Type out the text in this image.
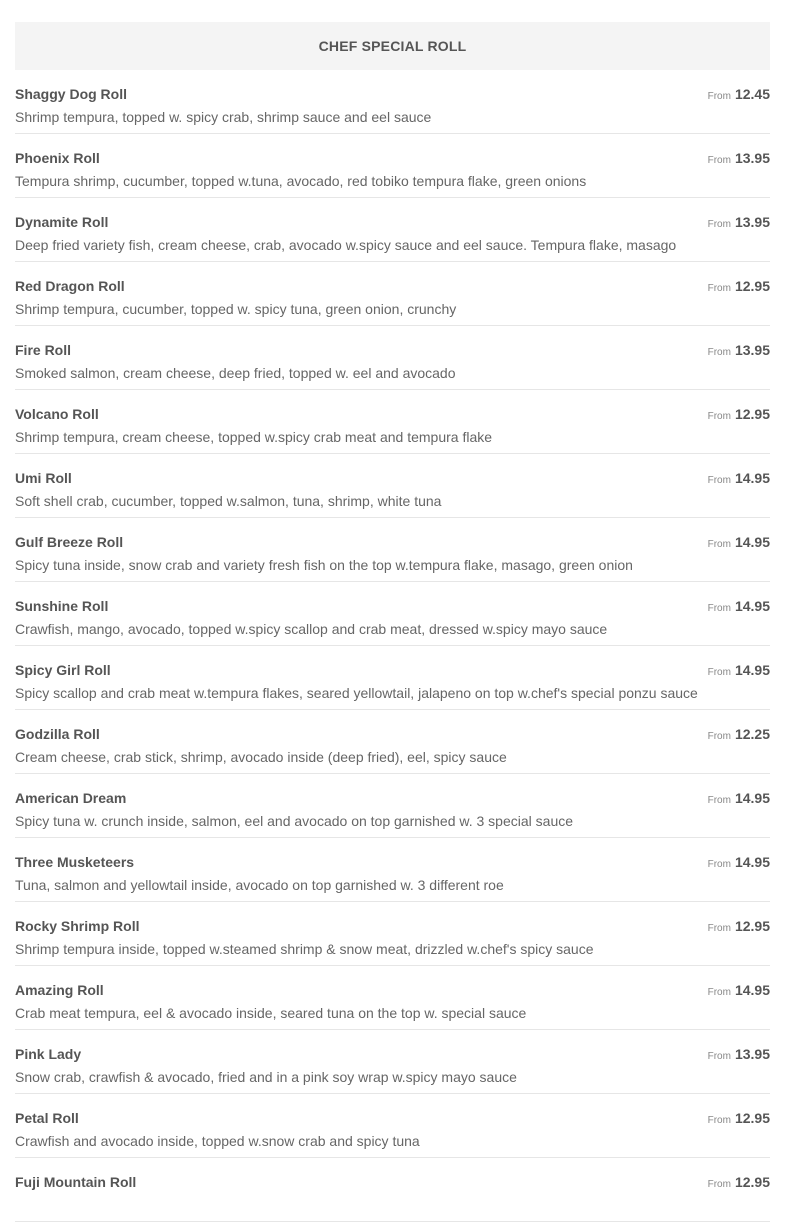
CHEF SPECIAL ROLL
Shaggy Dog Roll
Shrimp tempura, topped w. spicy crab, shrimp sauce and eel sauce
From 12.45
Phoenix Roll
Tempura shrimp, cucumber, topped w.tuna, avocado, red tobiko tempura flake, green onions
From 13.95
Dynamite Roll
Deep fried variety fish, cream cheese, crab, avocado w.spicy sauce and eel sauce. Tempura flake, masago
From 13.95
Red Dragon Roll
Shrimp tempura, cucumber, topped w. spicy tuna, green onion, crunchy
From 12.95
Fire Roll
Smoked salmon, cream cheese, deep fried, topped w. eel and avocado
From 13.95
Volcano Roll
Shrimp tempura, cream cheese, topped w.spicy crab meat and tempura flake
From 12.95
Umi Roll
Soft shell crab, cucumber, topped w.salmon, tuna, shrimp, white tuna
From 14.95
Gulf Breeze Roll
Spicy tuna inside, snow crab and variety fresh fish on the top w.tempura flake, masago, green onion
From 14.95
Sunshine Roll
Crawfish, mango, avocado, topped w.spicy scallop and crab meat, dressed w.spicy mayo sauce
From 14.95
Spicy Girl Roll
Spicy scallop and crab meat w.tempura flakes, seared yellowtail, jalapeno on top w.chef's special ponzu sauce
From 14.95
Godzilla Roll
Cream cheese, crab stick, shrimp, avocado inside (deep fried), eel, spicy sauce
From 12.25
American Dream
Spicy tuna w. crunch inside, salmon, eel and avocado on top garnished w. 3 special sauce
From 14.95
Three Musketeers
Tuna, salmon and yellowtail inside, avocado on top garnished w. 3 different roe
From 14.95
Rocky Shrimp Roll
Shrimp tempura inside, topped w.steamed shrimp & snow meat, drizzled w.chef's spicy sauce
From 12.95
Amazing Roll
Crab meat tempura, eel & avocado inside, seared tuna on the top w. special sauce
From 14.95
Pink Lady
Snow crab, crawfish & avocado, fried and in a pink soy wrap w.spicy mayo sauce
From 13.95
Petal Roll
Crawfish and avocado inside, topped w.snow crab and spicy tuna
From 12.95
Fuji Mountain Roll	From 12.95
